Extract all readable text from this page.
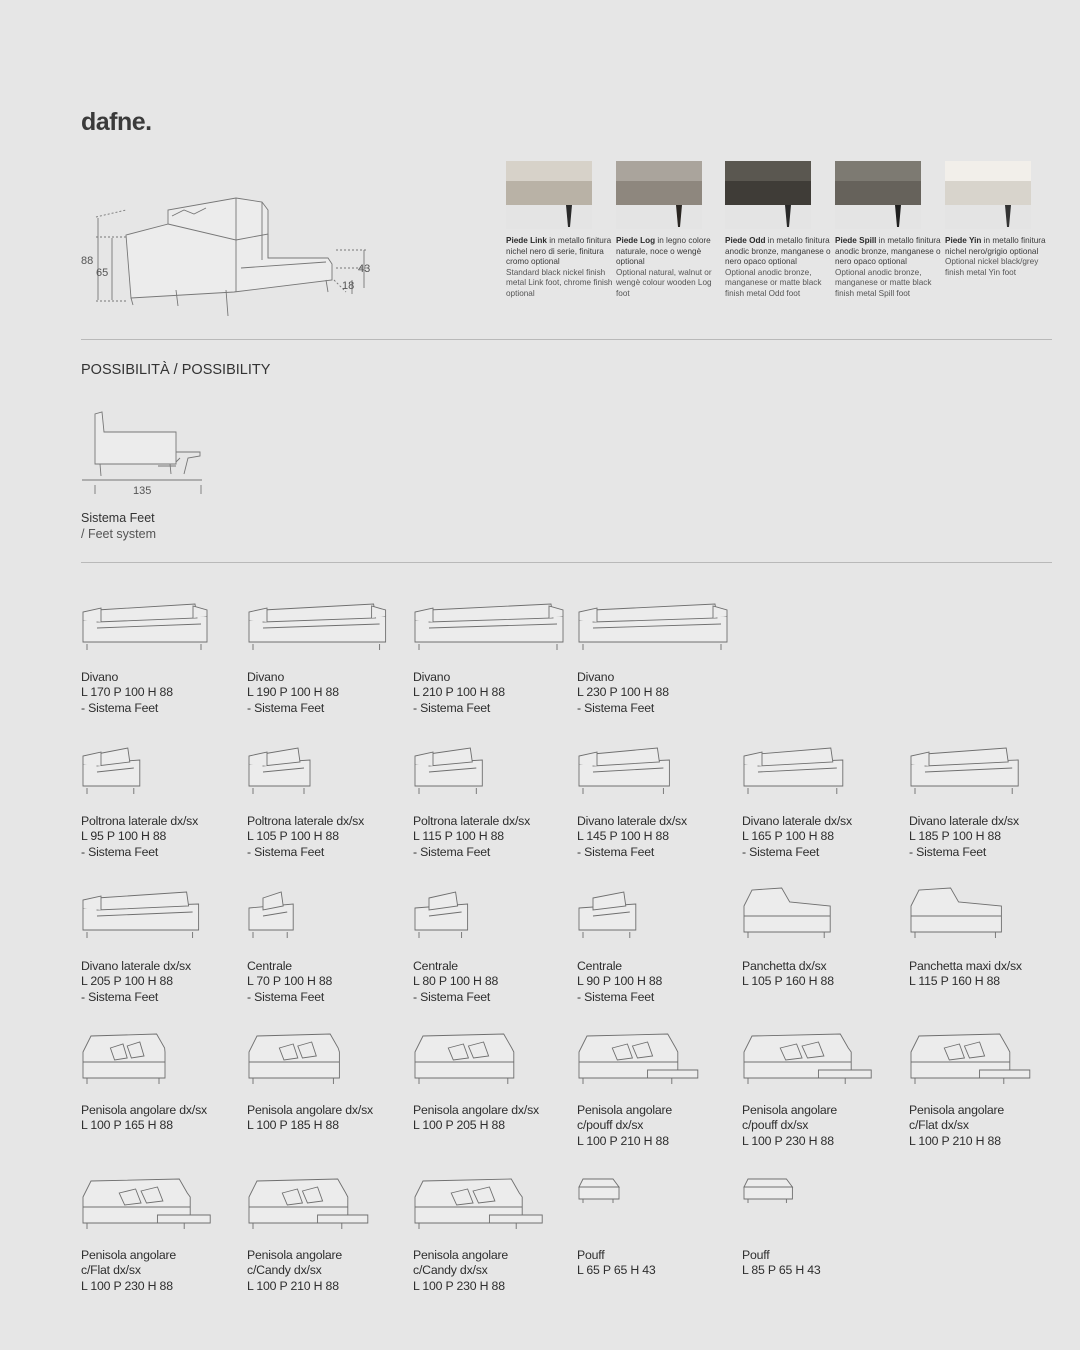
dafne.
88
65	43
18
Piede Link in metallo finitura nichel nero di serie, finitura cromo optional
Standard black nickel finish metal Link foot, chrome finish optional
Piede Log in legno colore naturale, noce o wengè optional
Optional natural, walnut or wengè colour wooden Log foot
Piede Odd in metallo finitura anodic bronze, manganese o nero opaco optional
Optional anodic bronze, manganese or matte black finish metal Odd foot
Piede Spill in metallo finitura anodic bronze, manganese o nero opaco optional
Optional anodic bronze, manganese or matte black finish metal Spill foot
Piede Yin in metallo finitura nichel nero/grigio optional
Optional nickel black/grey finish metal Yin foot
POSSIBILITÀ / POSSIBILITY
135
Sistema Feet
/ Feet system
Divano
L 170 P 100 H 88
- Sistema Feet
Divano
L 190 P 100 H 88
- Sistema Feet
Divano
L 210 P 100 H 88
- Sistema Feet
Divano
L 230 P 100 H 88
- Sistema Feet
Poltrona laterale dx/sx
L 95 P 100 H 88
- Sistema Feet
Poltrona laterale dx/sx
L 105 P 100 H 88
- Sistema Feet
Poltrona laterale dx/sx
L 115 P 100 H 88
- Sistema Feet
Divano laterale dx/sx
L 145 P 100 H 88
- Sistema Feet
Divano laterale dx/sx
L 165 P 100 H 88
- Sistema Feet
Divano laterale dx/sx
L 185 P 100 H 88
- Sistema Feet
Divano laterale dx/sx
L 205 P 100 H 88
- Sistema Feet
Centrale
L 70 P 100 H 88
- Sistema Feet
Centrale
L 80 P 100 H 88
- Sistema Feet
Centrale
L 90 P 100 H 88
- Sistema Feet
Panchetta dx/sx
L 105 P 160 H 88
Panchetta maxi dx/sx
L 115 P 160 H 88
Penisola angolare dx/sx
L 100 P 165 H 88
Penisola angolare dx/sx
L 100 P 185 H 88
Penisola angolare dx/sx
L 100 P 205 H 88
Penisola angolare
c/pouff dx/sx
L 100 P 210 H 88
Penisola angolare
c/pouff dx/sx
L 100 P 230 H 88
Penisola angolare
c/Flat dx/sx
L 100 P 210 H 88
Penisola angolare
c/Flat dx/sx
L 100 P 230 H 88
Penisola angolare
c/Candy dx/sx
L 100 P 210 H 88
Penisola angolare
c/Candy dx/sx
L 100 P 230 H 88
Pouff
L 65 P 65 H 43
Pouff
L 85 P 65 H 43
